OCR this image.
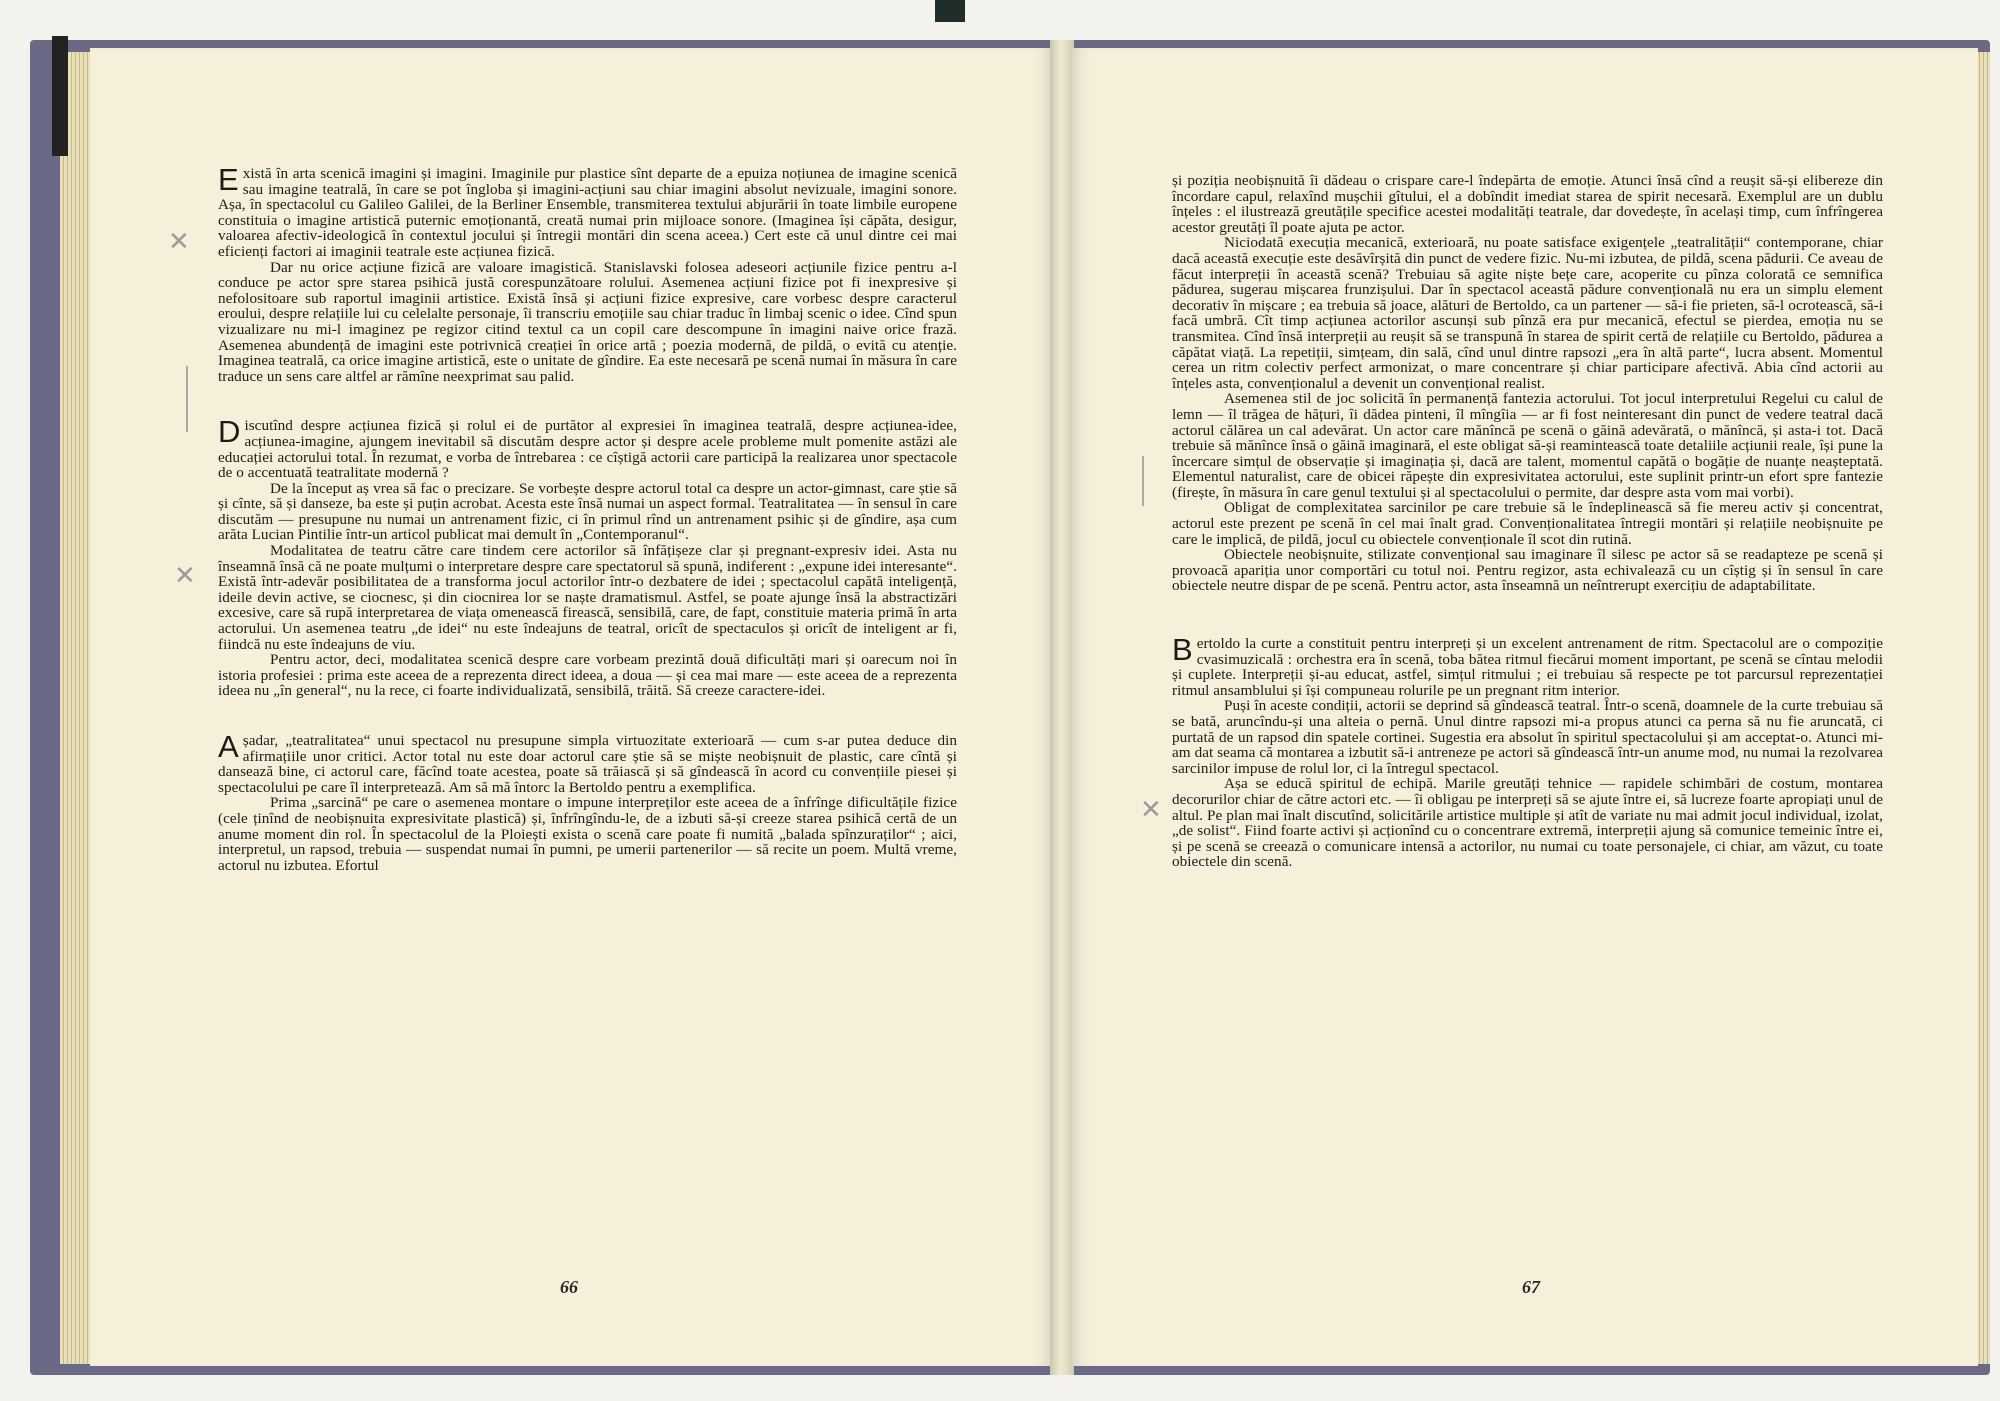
Există în arta scenică imagini și imagini. Imaginile pur plastice sînt departe de a epuiza noțiunea de imagine scenică sau imagine teatrală, în care se pot îngloba și imagini-acțiuni sau chiar imagini absolut nevizuale, imagini sonore. Așa, în spectacolul cu Galileo Galilei, de la Berliner Ensemble, transmiterea textului abjurării în toate limbile europene constituia o imagine artistică puternic emoționantă, creată numai prin mijloace sonore. (Imaginea își căpăta, desigur, valoarea afectiv-ideologică în contextul jocului și întregii montări din scena aceea.) Cert este că unul dintre cei mai eficienți factori ai imaginii teatrale este acțiunea fizică.

Dar nu orice acțiune fizică are valoare imagistică. Stanislavski folosea adeseori acțiunile fizice pentru a-l conduce pe actor spre starea psihică justă corespunzătoare rolului. Asemenea acțiuni fizice pot fi inexpresive și nefolositoare sub raportul imaginii artistice. Există însă și acțiuni fizice expresive, care vorbesc despre caracterul eroului, despre relațiile lui cu celelalte personaje, îi transcriu emoțiile sau chiar traduc în limbaj scenic o idee. Cînd spun vizualizare nu mi-l imaginez pe regizor citind textul ca un copil care descompune în imagini naive orice frază. Asemenea abundență de imagini este potrivnică creației în orice artă ; poezia modernă, de pildă, o evită cu atenție. Imaginea teatrală, ca orice imagine artistică, este o unitate de gîndire. Ea este necesară pe scenă numai în măsura în care traduce un sens care altfel ar rămîne neexprimat sau palid.

Discutînd despre acțiunea fizică și rolul ei de purtător al expresiei în imaginea teatrală, despre acțiunea-idee, acțiunea-imagine, ajungem inevitabil să discutăm despre actor și despre acele probleme mult pomenite astăzi ale educației actorului total. În rezumat, e vorba de întrebarea : ce cîștigă actorii care participă la realizarea unor spectacole de o accentuată teatralitate modernă ?

De la început aș vrea să fac o precizare. Se vorbește despre actorul total ca despre un actor-gimnast, care știe să și cînte, să și danseze, ba este și puțin acrobat. Acesta este însă numai un aspect formal. Teatralitatea — în sensul în care discutăm — presupune nu numai un antrenament fizic, ci în primul rînd un antrenament psihic și de gîndire, așa cum arăta Lucian Pintilie într-un articol publicat mai demult în „Contemporanul“.

Modalitatea de teatru către care tindem cere actorilor să înfățișeze clar și pregnant-expresiv idei. Asta nu înseamnă însă că ne poate mulțumi o interpretare despre care spectatorul să spună, indiferent : „expune idei interesante“. Există într-adevăr posibilitatea de a transforma jocul actorilor într-o dezbatere de idei ; spectacolul capătă inteligență, ideile devin active, se ciocnesc, și din ciocnirea lor se naște dramatismul. Astfel, se poate ajunge însă la abstractizări excesive, care să rupă interpretarea de viața omenească firească, sensibilă, care, de fapt, constituie materia primă în arta actorului. Un asemenea teatru „de idei“ nu este îndeajuns de teatral, oricît de spectaculos și oricît de inteligent ar fi, fiindcă nu este îndeajuns de viu.

Pentru actor, deci, modalitatea scenică despre care vorbeam prezintă două dificultăți mari și oarecum noi în istoria profesiei : prima este aceea de a reprezenta direct ideea, a doua — și cea mai mare — este aceea de a reprezenta ideea nu „în general“, nu la rece, ci foarte individualizată, sensibilă, trăită. Să creeze caractere-idei.

Așadar, „teatralitatea“ unui spectacol nu presupune simpla virtuozitate exterioară — cum s-ar putea deduce din afirmațiile unor critici. Actor total nu este doar actorul care știe să se miște neobișnuit de plastic, care cîntă și dansează bine, ci actorul care, făcînd toate acestea, poate să trăiască și să gîndească în acord cu convențiile piesei și spectacolului pe care îl interpretează. Am să mă întorc la Bertoldo pentru a exemplifica.

Prima „sarcină“ pe care o asemenea montare o impune interpreților este aceea de a înfrînge dificultățile fizice (cele ținînd de neobișnuita expresivitate plastică) și, înfrîngîndu-le, de a izbuti să-și creeze starea psihică certă de un anume moment din rol. În spectacolul de la Ploiești exista o scenă care poate fi numită „balada spînzuraților“ ; aici, interpretul, un rapsod, trebuia — suspendat numai în pumni, pe umerii partenerilor — să recite un poem. Multă vreme, actorul nu izbutea. Efortul

✕
✕
66

și poziția neobișnuită îi dădeau o crispare care-l îndepărta de emoție. Atunci însă cînd a reușit să-și elibereze din încordare capul, relaxînd mușchii gîtului, el a dobîndit imediat starea de spirit necesară. Exemplul are un dublu înțeles : el ilustrează greutățile specifice acestei modalități teatrale, dar dovedește, în același timp, cum înfrîngerea acestor greutăți îl poate ajuta pe actor.

Niciodată execuția mecanică, exterioară, nu poate satisface exigențele „teatralității“ contemporane, chiar dacă această execuție este desăvîrșită din punct de vedere fizic. Nu-mi izbutea, de pildă, scena pădurii. Ce aveau de făcut interpreții în această scenă? Trebuiau să agite niște bețe care, acoperite cu pînza colorată ce semnifica pădurea, sugerau mișcarea frunzișului. Dar în spectacol această pădure convențională nu era un simplu element decorativ în mișcare ; ea trebuia să joace, alături de Bertoldo, ca un partener — să-i fie prieten, să-l ocrotească, să-i facă umbră. Cît timp acțiunea actorilor ascunși sub pînză era pur mecanică, efectul se pierdea, emoția nu se transmitea. Cînd însă interpreții au reușit să se transpună în starea de spirit certă de relațiile cu Bertoldo, pădurea a căpătat viață. La repetiții, simțeam, din sală, cînd unul dintre rapsozi „era în altă parte“, lucra absent. Momentul cerea un ritm colectiv perfect armonizat, o mare concentrare și chiar participare afectivă. Abia cînd actorii au înțeles asta, convenționalul a devenit un convențional realist.

Asemenea stil de joc solicită în permanență fantezia actorului. Tot jocul interpretului Regelui cu calul de lemn — îl trăgea de hățuri, îi dădea pinteni, îl mîngîia — ar fi fost neinteresant din punct de vedere teatral dacă actorul călărea un cal adevărat. Un actor care mănîncă pe scenă o găină adevărată, o mănîncă, și asta-i tot. Dacă trebuie să mănînce însă o găină imaginară, el este obligat să-și reamintească toate detaliile acțiunii reale, își pune la încercare simțul de observație și imaginația și, dacă are talent, momentul capătă o bogăție de nuanțe neașteptată. Elementul naturalist, care de obicei răpește din expresivitatea actorului, este suplinit printr-un efort spre fantezie (firește, în măsura în care genul textului și al spectacolului o permite, dar despre asta vom mai vorbi).

Obligat de complexitatea sarcinilor pe care trebuie să le îndeplinească să fie mereu activ și concentrat, actorul este prezent pe scenă în cel mai înalt grad. Convenționalitatea întregii montări și relațiile neobișnuite pe care le implică, de pildă, jocul cu obiectele convenționale îl scot din rutină.

Obiectele neobișnuite, stilizate convențional sau imaginare îl silesc pe actor să se readapteze pe scenă și provoacă apariția unor comportări cu totul noi. Pentru regizor, asta echivalează cu un cîștig și în sensul în care obiectele neutre dispar de pe scenă. Pentru actor, asta înseamnă un neîntrerupt exercițiu de adaptabilitate.

Bertoldo la curte a constituit pentru interpreți și un excelent antrenament de ritm. Spectacolul are o compoziție cvasimuzicală : orchestra era în scenă, toba bătea ritmul fiecărui moment important, pe scenă se cîntau melodii și cuplete. Interpreții și-au educat, astfel, simțul ritmului ; ei trebuiau să respecte pe tot parcursul reprezentației ritmul ansamblului și își compuneau rolurile pe un pregnant ritm interior.

Puși în aceste condiții, actorii se deprind să gîndească teatral. Într-o scenă, doamnele de la curte trebuiau să se bată, aruncîndu-și una alteia o pernă. Unul dintre rapsozi mi-a propus atunci ca perna să nu fie aruncată, ci purtată de un rapsod din spatele cortinei. Sugestia era absolut în spiritul spectacolului și am acceptat-o. Atunci mi-am dat seama că montarea a izbutit să-i antreneze pe actori să gîndească într-un anume mod, nu numai la rezolvarea sarcinilor impuse de rolul lor, ci la întregul spectacol.

Așa se educă spiritul de echipă. Marile greutăți tehnice — rapidele schimbări de costum, montarea decorurilor chiar de către actori etc. — îi obligau pe interpreți să se ajute între ei, să lucreze foarte apropiați unul de altul. Pe plan mai înalt discutînd, solicitările artistice multiple și atît de variate nu mai admit jocul individual, izolat, „de solist“. Fiind foarte activi și acționînd cu o concentrare extremă, interpreții ajung să comunice temeinic între ei, și pe scenă se creează o comunicare intensă a actorilor, nu numai cu toate personajele, ci chiar, am văzut, cu toate obiectele din scenă.

✕
67
